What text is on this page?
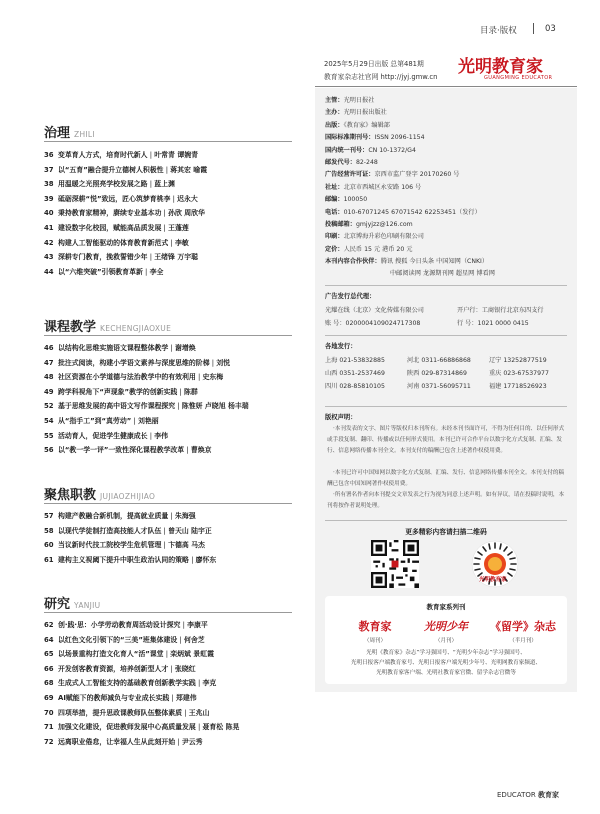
目录·版权	03
光明教育家
GUANGMING EDUCATOR
2025年5月29日出版 总第481期
教育家杂志社官网 http://jyj.gmw.cn
治理 ZHILI
36 变革育人方式，培育时代新人 | 叶常青 谭婉青
37 以“五育”融合提升立德树人积极性 | 蒋其宏 喻霞
38 用温暖之光照亮学校发展之路 | 蓝上渊
39 砥砺深耕“悦”致远，匠心筑梦育桃李 | 迟永大
40 秉持教育家精神，赓续专业基本功 | 孙欣 周欣华
41 建设数字化校园，赋能高品质发展 | 王蓬莲
42 构建人工智能驱动的体育教育新范式 | 李敏
43 深耕专门教育，挽救誓错少年 | 王绪锋 万宇聪
44 以“六维突破”引领教育革新 | 李全
课程教学 KECHENGJIAOXUE
46 以结构化思维实施语文课程整体教学 | 谢增焕
47 批注式阅读，构建小学语文素养与深度思维的阶梯 | 刘悦
48 社区资源在小学道德与法治教学中的有效利用 | 史东梅
49 跨学科视角下“声现象”教学的创新实践 | 陈群
52 基于思维发展的高中语文写作课程探究 | 陈惟妍 卢晓旭 杨丰瑞
54 从“指手工”到“真劳动” | 刘艳丽
55 活动育人，促进学生健康成长 | 李伟
56 以“教一学一评”一致性深化课程教学改革 | 曹焕京
聚焦职教 JUJIAOZHIJIAO
57 构建产教融合新机制，提高就业质量 | 朱海强
58 以现代学徒制打造高技能人才队伍 | 曾天山 陆宇正
60 当议新时代技工院校学生危机管理 | 卞德高 马杰
61 建构主义视阈下提升中职生政治认同的策略 | 廖怀东
研究 YANJIU
62 创·践·思：小学劳动教育周活动设计探究 | 李康平
64 以红色文化引领下的“三美”班集体建设 | 何舍芝
65 以场景重构打造文化育人“活”课堂 | 栾炳斌 景虹霞
66 开发创客教育资源，培养创新型人才 | 张晓红
68 生成式人工智能支持的基础教育创新教学实践 | 李克
69 AI赋能下的教师减负与专业成长实践 | 郑建伟
70 四项举措，提升思政课教师队伍整体素质 | 王兆山
71 加强文化建设，促进教师发展中心高质量发展 | 聂育松 陈晃
72 远离职业倦怠，让幸福人生从此刻开始 | 尹云秀
主管：光明日报社
主办：光明日报出版社
出版：《教育家》编辑部
国际标准期刊号：ISSN 2096-1154
国内统一刊号：CN 10-1372/G4
邮发代号：82-248
广告经营许可证：京西市监广登字 20170260 号
社址：北京市西城区永安路 106 号
邮编：100050
电话：010-67071245 67071542 62253451（发行）
投稿邮箱：gmjyjzz@126.com
印刷：北京博海升彩色印刷有限公司
定价：人民币 15 元 港币 20 元
本刊内容合作伙伴：腾讯 搜狐 今日头条 中国知网（CNKI）
中邮阅读网 龙源期刊网 超星网 博看网
广告发行总代理：
光耀在线（北京）文化传媒有限公司	开户行：工商银行北京东四支行
账 号：0200004109024717308	行 号：1021 0000 0415
各地发行：
上海 021-53832885	河北 0311-66886868	辽宁 13252877519
山西 0351-2537469	陕西 029-87314869	重庆 023-67537977
四川 028-85810105	河南 0371-56095711	福建 17718526923
版权声明：

·本刊发表的文字、图片等版权归本刊所有。未经本刊书面许可，不得为任何目的、以任何形式或手段复制、翻印、传播或以任何形式使用。本刊已许可合作平台以数字化方式复制、汇编、发行、信息网络传播本刊全文。本刊支付的稿酬已包含上述著作权使用费。

·本刊已许可中国知网以数字化方式复制、汇编、发行、信息网络传播本刊全文。本刊支付的稿酬已包含中国知网著作权使用费。

·所有署名作者向本刊提交文章发表之行为视为同意上述声明。如有异议，请在投稿时说明，本刊将按作者说明处理。

更多精彩内容请扫描二维码
光明教育家
教育家系列刊
教育家
（周刊）
光明少年
（月刊）
《留学》杂志
（半月刊）
光明《教育家》杂志”学习强国号、“光明少年杂志”学习强国号、
光明日报客户端教育家号、光明日报客户端光明少年号、光明网教育家频道、
光明教育家客户端、光明社教育家官微、留学杂志官微等
EDUCATOR 教育家
